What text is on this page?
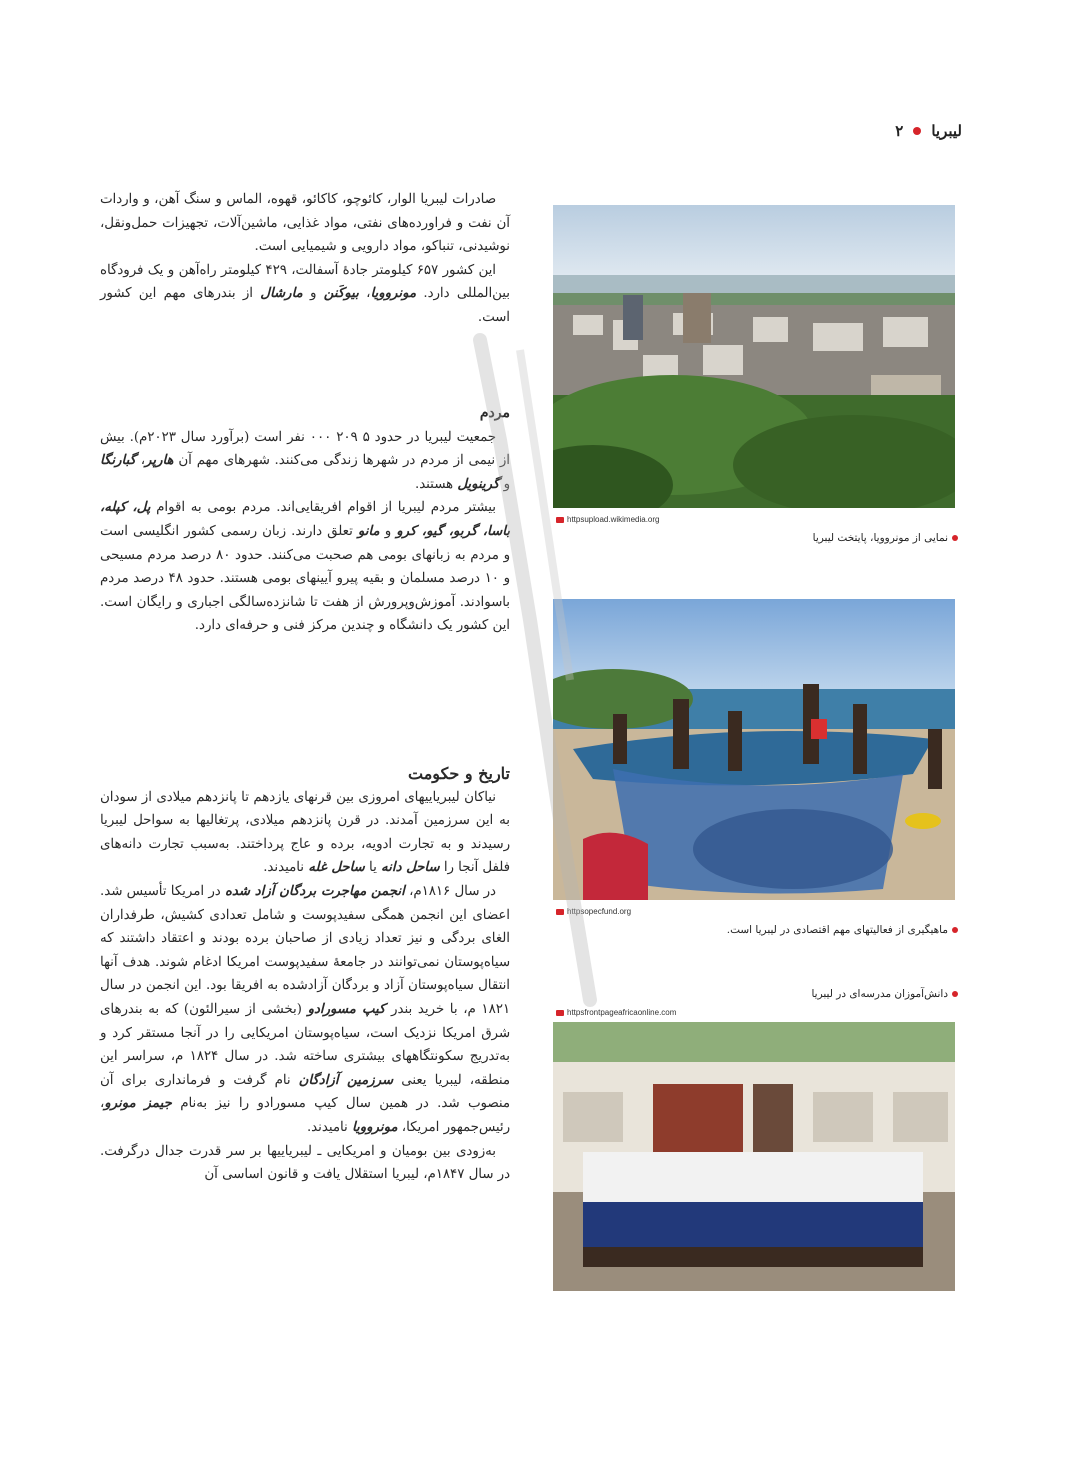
لیبریا
۲

صادرات لیبریا الوار، کائوچو، کاکائو، قهوه، الماس و سنگ آهن، و واردات آن نفت و فراورده‌های نفتی، مواد غذایی، ماشین‌آلات، تجهیزات حمل‌ونقل، نوشیدنی، تنباکو، مواد دارویی و شیمیایی است.

این کشور ۶۵۷ کیلومتر جادهٔ آسفالت، ۴۲۹ کیلومتر راه‌آهن و یک فرودگاه بین‌المللی دارد. مونروویا، بیوکَنن و مارشال از بندرهای مهم این کشور است.

مردم

جمعیت لیبریا در حدود ۵ ۲۰۹ ۰۰۰ نفر است (برآورد سال ۲۰۲۳م). بیش از نیمی از مردم در شهرها زندگی می‌کنند. شهرهای مهم آن هارپر، گبارنگا و گرینویل هستند.

بیشتر مردم لیبریا از اقوام افریقایی‌اند. مردم بومی به اقوام پل، کپله، باسا، گربو، گیو، کرو و مانو تعلق دارند. زبان رسمی کشور انگلیسی است و مردم به زبانهای بومی هم صحبت می‌کنند. حدود ۸۰ درصد مردم مسیحی و ۱۰ درصد مسلمان و بقیه پیرو آیینهای بومی هستند. حدود ۴۸ درصد مردم باسوادند. آموزش‌وپرورش از هفت تا شانزده‌سالگی اجباری و رایگان است. این کشور یک دانشگاه و چندین مرکز فنی و حرفه‌ای دارد.

تاریخ و حکومت

نیاکان لیبریاییهای امروزی بین قرنهای یازدهم تا پانزدهم میلادی از سودان به این سرزمین آمدند. در قرن پانزدهم میلادی، پرتغالیها به سواحل لیبریا رسیدند و به تجارت ادویه، برده و عاج پرداختند. به‌سبب تجارت دانه‌های فلفل آنجا را ساحل دانه یا ساحل غله نامیدند.

در سال ۱۸۱۶م، انجمن مهاجرت بردگان آزاد شده در امریکا تأسیس شد. اعضای این انجمن همگی سفیدپوست و شامل تعدادی کشیش، طرفداران الغای بردگی و نیز تعداد زیادی از صاحبان برده بودند و اعتقاد داشتند که سیاه‌پوستان نمی‌توانند در جامعهٔ سفیدپوست امریکا ادغام شوند. هدف آنها انتقال سیاه‌پوستان آزاد و بردگان آزادشده به افریقا بود. این انجمن در سال ۱۸۲۱ م، با خرید بندر کیپ مسورادو (بخشی از سیرالئون) که به بندرهای شرق امریکا نزدیک است، سیاه‌پوستان امریکایی را در آنجا مستقر کرد و به‌تدریج سکونتگاههای بیشتری ساخته شد. در سال ۱۸۲۴ م، سراسر این منطقه، لیبریا یعنی سرزمین آزادگان نام گرفت و فرمانداری برای آن منصوب شد. در همین سال کیپ مسورادو را نیز به‌نام جیمز مونرو، رئیس‌جمهور امریکا، مونروویا نامیدند.

به‌زودی بین بومیان و امریکایی ـ لیبریاییها بر سر قدرت جدال درگرفت. در سال ۱۸۴۷م، لیبریا استقلال یافت و قانون اساسی آن

httpsupload.wikimedia.org
نمایی از مونروویا، پایتخت لیبریا
httpsopecfund.org
ماهیگیری از فعالیتهای مهم اقتصادی در لیبریا است.
دانش‌آموزان مدرسه‌ای در لیبریا
httpsfrontpageafricaonline.com
